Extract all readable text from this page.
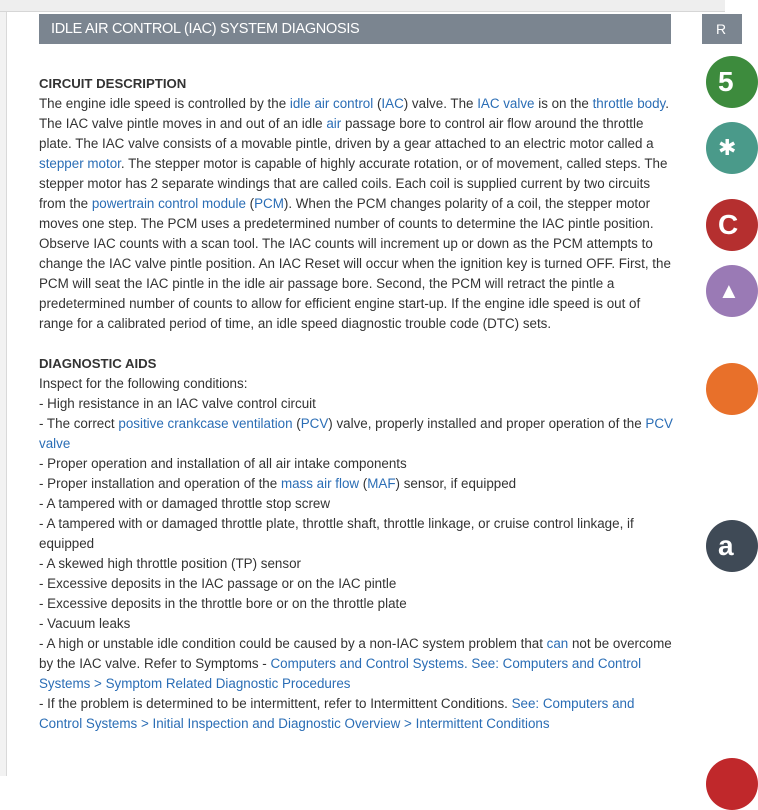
IDLE AIR CONTROL (IAC) SYSTEM DIAGNOSIS	R
CIRCUIT DESCRIPTION

The engine idle speed is controlled by the idle air control (IAC) valve. The IAC valve is on the throttle body. The IAC valve pintle moves in and out of an idle air passage bore to control air flow around the throttle plate. The IAC valve consists of a movable pintle, driven by a gear attached to an electric motor called a stepper motor. The stepper motor is capable of highly accurate rotation, or of movement, called steps. The stepper motor has 2 separate windings that are called coils. Each coil is supplied current by two circuits from the powertrain control module (PCM). When the PCM changes polarity of a coil, the stepper motor moves one step. The PCM uses a predetermined number of counts to determine the IAC pintle position. Observe IAC counts with a scan tool. The IAC counts will increment up or down as the PCM attempts to change the IAC valve pintle position. An IAC Reset will occur when the ignition key is turned OFF. First, the PCM will seat the IAC pintle in the idle air passage bore. Second, the PCM will retract the pintle a predetermined number of counts to allow for efficient engine start-up. If the engine idle speed is out of range for a calibrated period of time, an idle speed diagnostic trouble code (DTC) sets.

DIAGNOSTIC AIDS

Inspect for the following conditions:

- High resistance in an IAC valve control circuit

- The correct positive crankcase ventilation (PCV) valve, properly installed and proper operation of the PCV valve

- Proper operation and installation of all air intake components

- Proper installation and operation of the mass air flow (MAF) sensor, if equipped

- A tampered with or damaged throttle stop screw

- A tampered with or damaged throttle plate, throttle shaft, throttle linkage, or cruise control linkage, if equipped

- A skewed high throttle position (TP) sensor

- Excessive deposits in the IAC passage or on the IAC pintle

- Excessive deposits in the throttle bore or on the throttle plate

- Vacuum leaks

- A high or unstable idle condition could be caused by a non-IAC system problem that can not be overcome by the IAC valve. Refer to Symptoms - Computers and Control Systems. See: Computers and Control Systems > Symptom Related Diagnostic Procedures

- If the problem is determined to be intermittent, refer to Intermittent Conditions. See: Computers and Control Systems > Initial Inspection and Diagnostic Overview > Intermittent Conditions

5
✱
C
▲
a
